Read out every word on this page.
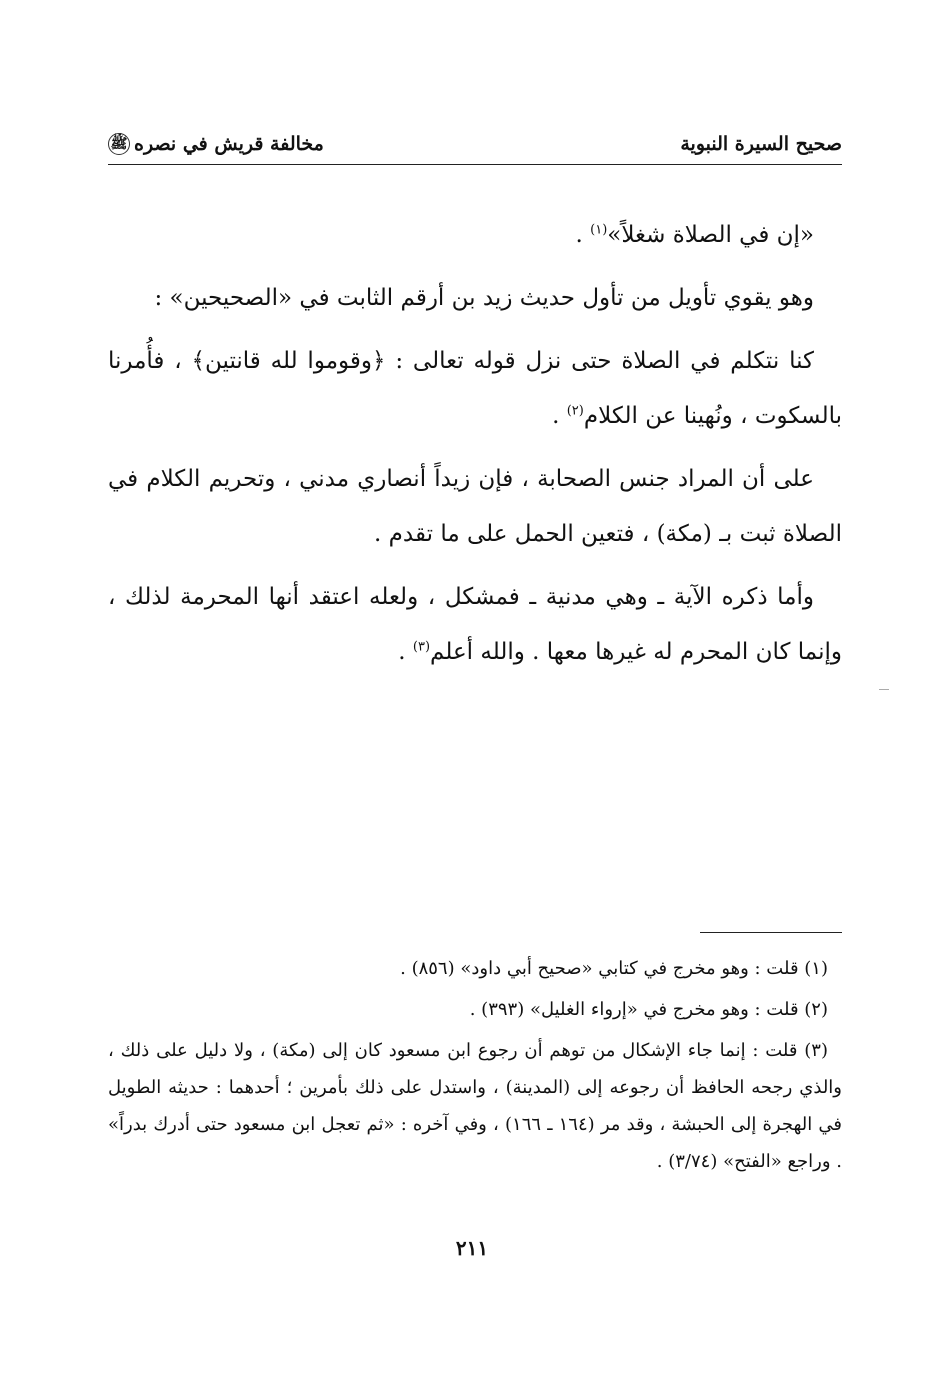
صحيح السيرة النبوية
مخالفة قريش في نصره
ﷺ

«إن في الصلاة شغلاً»$^{(١)}$ .

وهو يقوي تأويل من تأول حديث زيد بن أرقم الثابت في «الصحيحين» :

كنا نتكلم في الصلاة حتى نزل قوله تعالى : ﴿وقوموا لله قانتين﴾ ، فأُمرنا بالسكوت ، ونُهينا عن الكلام$^{(٢)}$ .

على أن المراد جنس الصحابة ، فإن زيداً أنصاري مدني ، وتحريم الكلام في الصلاة ثبت بـ (مكة) ، فتعين الحمل على ما تقدم .

وأما ذكره الآية ـ وهي مدنية ـ فمشكل ، ولعله اعتقد أنها المحرمة لذلك ، وإنما كان المحرم له غيرها معها . والله أعلم$^{(٣)}$ .

(١) قلت : وهو مخرج في كتابي «صحيح أبي داود» (٨٥٦) .

(٢) قلت : وهو مخرج في «إرواء الغليل» (٣٩٣) .

(٣) قلت : إنما جاء الإشكال من توهم أن رجوع ابن مسعود كان إلى (مكة) ، ولا دليل على ذلك ، والذي رجحه الحافظ أن رجوعه إلى (المدينة) ، واستدل على ذلك بأمرين ؛ أحدهما : حديثه الطويل في الهجرة إلى الحبشة ، وقد مر (١٦٤ ـ ١٦٦) ، وفي آخره : «ثم تعجل ابن مسعود حتى أدرك بدراً» . وراجع «الفتح» (٣/٧٤) .

٢١١
